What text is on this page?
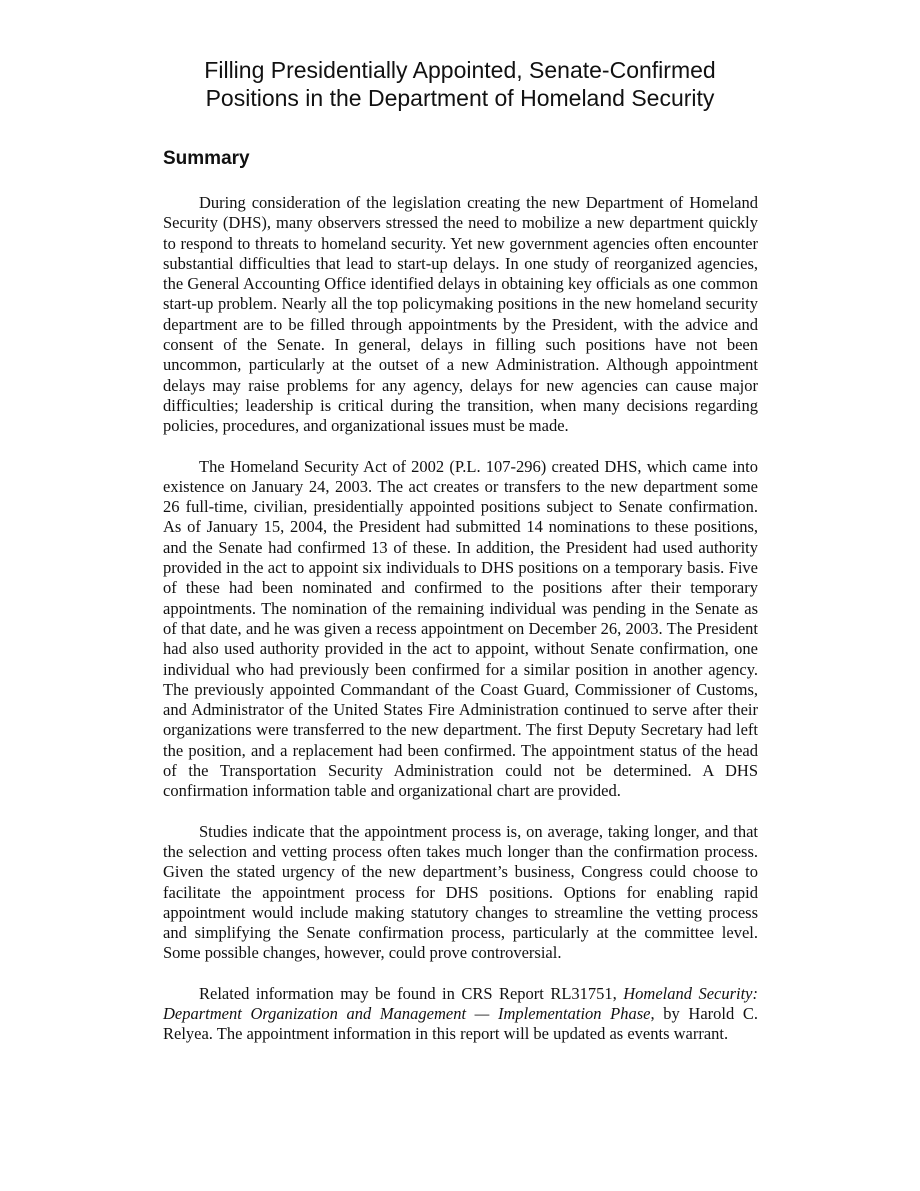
Filling Presidentially Appointed, Senate-Confirmed
Positions in the Department of Homeland Security
Summary

During consideration of the legislation creating the new Department of Homeland Security (DHS), many observers stressed the need to mobilize a new department quickly to respond to threats to homeland security. Yet new government agencies often encounter substantial difficulties that lead to start-up delays. In one study of reorganized agencies, the General Accounting Office identified delays in obtaining key officials as one common start-up problem. Nearly all the top policymaking positions in the new homeland security department are to be filled through appointments by the President, with the advice and consent of the Senate. In general, delays in filling such positions have not been uncommon, particularly at the outset of a new Administration. Although appointment delays may raise problems for any agency, delays for new agencies can cause major difficulties; leadership is critical during the transition, when many decisions regarding policies, procedures, and organizational issues must be made.

The Homeland Security Act of 2002 (P.L. 107-296) created DHS, which came into existence on January 24, 2003. The act creates or transfers to the new department some 26 full-time, civilian, presidentially appointed positions subject to Senate confirmation. As of January 15, 2004, the President had submitted 14 nominations to these positions, and the Senate had confirmed 13 of these. In addition, the President had used authority provided in the act to appoint six individuals to DHS positions on a temporary basis. Five of these had been nominated and confirmed to the positions after their temporary appointments. The nomination of the remaining individual was pending in the Senate as of that date, and he was given a recess appointment on December 26, 2003. The President had also used authority provided in the act to appoint, without Senate confirmation, one individual who had previously been confirmed for a similar position in another agency. The previously appointed Commandant of the Coast Guard, Commissioner of Customs, and Administrator of the United States Fire Administration continued to serve after their organizations were transferred to the new department. The first Deputy Secretary had left the position, and a replacement had been confirmed. The appointment status of the head of the Transportation Security Administration could not be determined. A DHS confirmation information table and organizational chart are provided.

Studies indicate that the appointment process is, on average, taking longer, and that the selection and vetting process often takes much longer than the confirmation process. Given the stated urgency of the new department’s business, Congress could choose to facilitate the appointment process for DHS positions. Options for enabling rapid appointment would include making statutory changes to streamline the vetting process and simplifying the Senate confirmation process, particularly at the committee level. Some possible changes, however, could prove controversial.

Related information may be found in CRS Report RL31751, Homeland Security: Department Organization and Management — Implementation Phase, by Harold C. Relyea. The appointment information in this report will be updated as events warrant.
